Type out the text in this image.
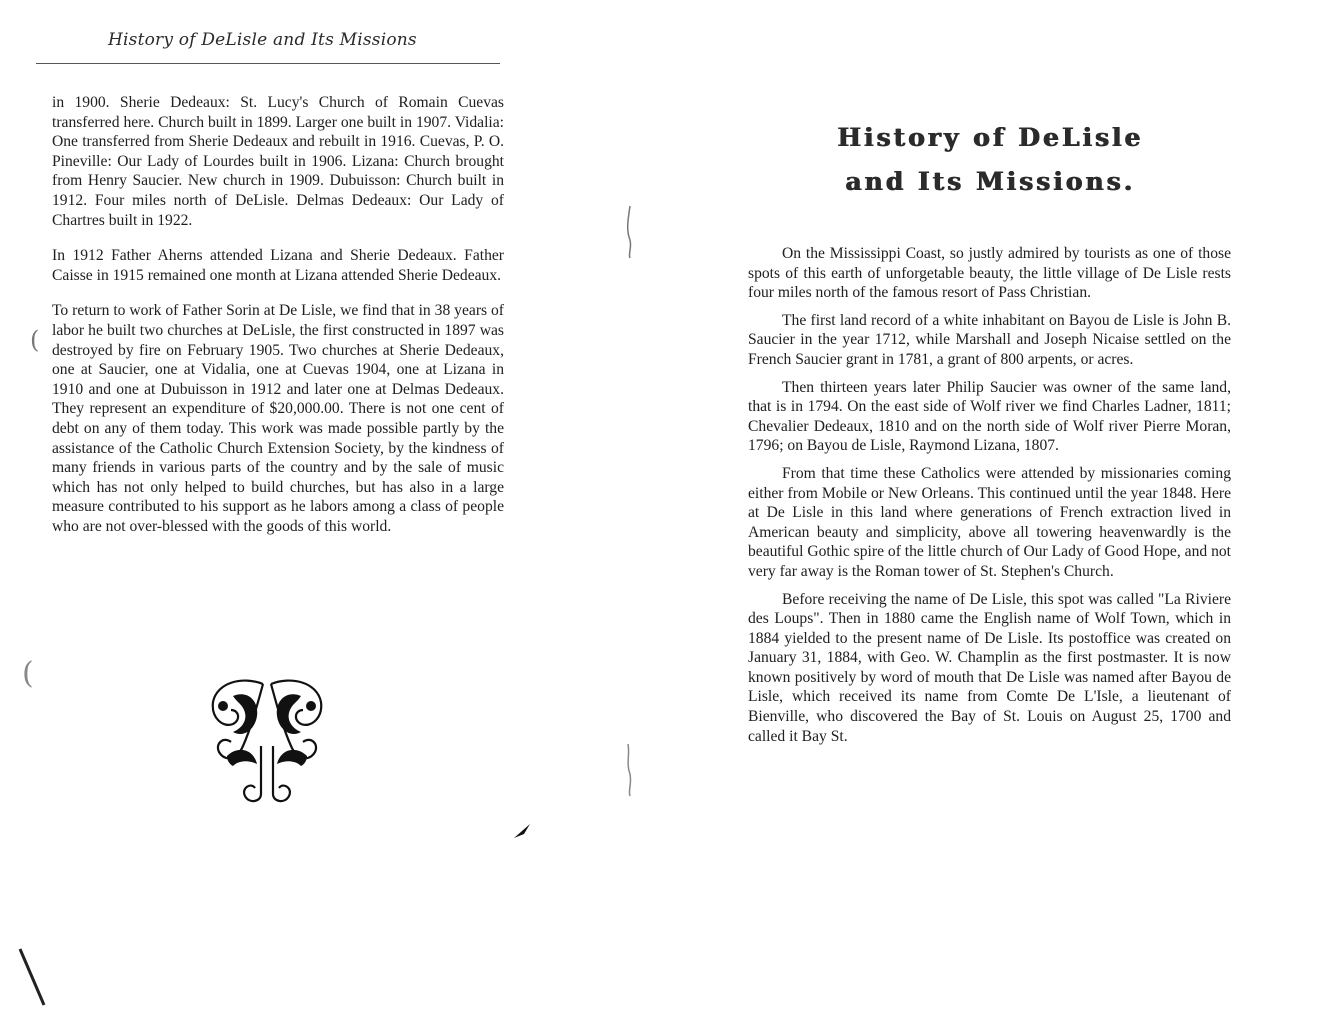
History of DeLisle and Its Missions

in 1900. Sherie Dedeaux: St. Lucy's Church of Romain Cuevas transferred here. Church built in 1899. Larger one built in 1907. Vidalia: One transferred from Sherie Dedeaux and rebuilt in 1916. Cuevas, P. O. Pineville: Our Lady of Lourdes built in 1906. Lizana: Church brought from Henry Saucier. New church in 1909. Dubuisson: Church built in 1912. Four miles north of DeLisle. Delmas Dedeaux: Our Lady of Chartres built in 1922.

In 1912 Father Aherns attended Lizana and Sherie Dedeaux. Father Caisse in 1915 remained one month at Lizana attended Sherie Dedeaux.

To return to work of Father Sorin at De Lisle, we find that in 38 years of labor he built two churches at DeLisle, the first constructed in 1897 was destroyed by fire on February 1905. Two churches at Sherie Dedeaux, one at Saucier, one at Vidalia, one at Cuevas 1904, one at Lizana in 1910 and one at Dubuisson in 1912 and later one at Delmas Dedeaux. They represent an expenditure of $20,000.00. There is not one cent of debt on any of them today. This work was made possible partly by the assistance of the Catholic Church Extension Society, by the kindness of many friends in various parts of the country and by the sale of music which has not only helped to build churches, but has also in a large measure contributed to his support as he labors among a class of people who are not over-blessed with the goods of this world.

(
(
History of DeLisle
and Its Missions.

On the Mississippi Coast, so justly admired by tourists as one of those spots of this earth of unforgetable beauty, the little village of De Lisle rests four miles north of the famous resort of Pass Christian.

The first land record of a white inhabitant on Bayou de Lisle is John B. Saucier in the year 1712, while Marshall and Joseph Nicaise settled on the French Saucier grant in 1781, a grant of 800 arpents, or acres.

Then thirteen years later Philip Saucier was owner of the same land, that is in 1794. On the east side of Wolf river we find Charles Ladner, 1811; Chevalier Dedeaux, 1810 and on the north side of Wolf river Pierre Moran, 1796; on Bayou de Lisle, Raymond Lizana, 1807.

From that time these Catholics were attended by missionaries coming either from Mobile or New Orleans. This continued until the year 1848. Here at De Lisle in this land where generations of French extraction lived in American beauty and simplicity, above all towering heavenwardly is the beautiful Gothic spire of the little church of Our Lady of Good Hope, and not very far away is the Roman tower of St. Stephen's Church.

Before receiving the name of De Lisle, this spot was called "La Riviere des Loups". Then in 1880 came the English name of Wolf Town, which in 1884 yielded to the present name of De Lisle. Its postoffice was created on January 31, 1884, with Geo. W. Champlin as the first postmaster. It is now known positively by word of mouth that De Lisle was named after Bayou de Lisle, which received its name from Comte De L'Isle, a lieutenant of Bienville, who discovered the Bay of St. Louis on August 25, 1700 and called it Bay St.
